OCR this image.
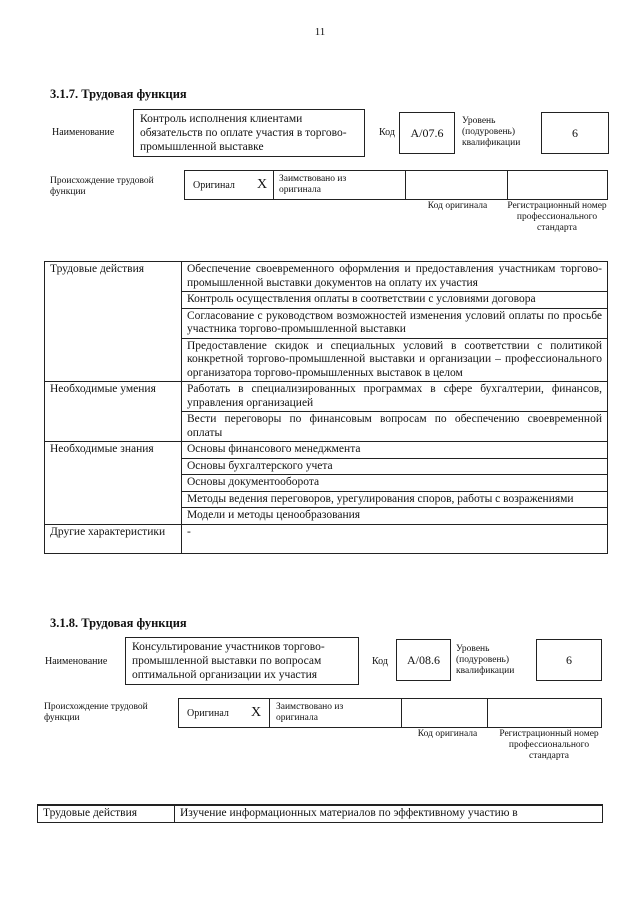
11
3.1.7. Трудовая функция
Наименование
Контроль исполнения клиентами обязательств по оплате участия в торгово-промышленной выставке
Код	A/07.6
Уровень (подуровень) квалификации
6
Происхождение трудовой функции
Оригинал X Заимствовано из оригинала
Код оригинала	Регистрационный номер профессионального стандарта
Трудовые действия	Обеспечение своевременного оформления и предоставления участникам торгово-промышленной выставки документов на оплату их участия
	Контроль осуществления оплаты в соответствии с условиями договора
	Согласование с руководством возможностей изменения условий оплаты по просьбе участника торгово-промышленной выставки
	Предоставление скидок и специальных условий в соответствии с политикой конкретной торгово-промышленной выставки и организации – профессионального организатора торгово-промышленных выставок в целом
Необходимые умения	Работать в специализированных программах в сфере бухгалтерии, финансов, управления организацией
	Вести переговоры по финансовым вопросам по обеспечению своевременной оплаты
Необходимые знания	Основы финансового менеджмента
	Основы бухгалтерского учета
	Основы документооборота
	Методы ведения переговоров, урегулирования споров, работы с возражениями
	Модели и методы ценообразования
Другие характеристики	-
3.1.8. Трудовая функция
Наименование
Консультирование участников торгово-промышленной выставки по вопросам оптимальной организации их участия
Код	A/08.6
Уровень (подуровень) квалификации
6
Происхождение трудовой функции	Оригинал X Заимствовано из оригинала
Код оригинала	Регистрационный номер профессионального стандарта
Трудовые действия	Изучение информационных материалов по эффективному участию в
